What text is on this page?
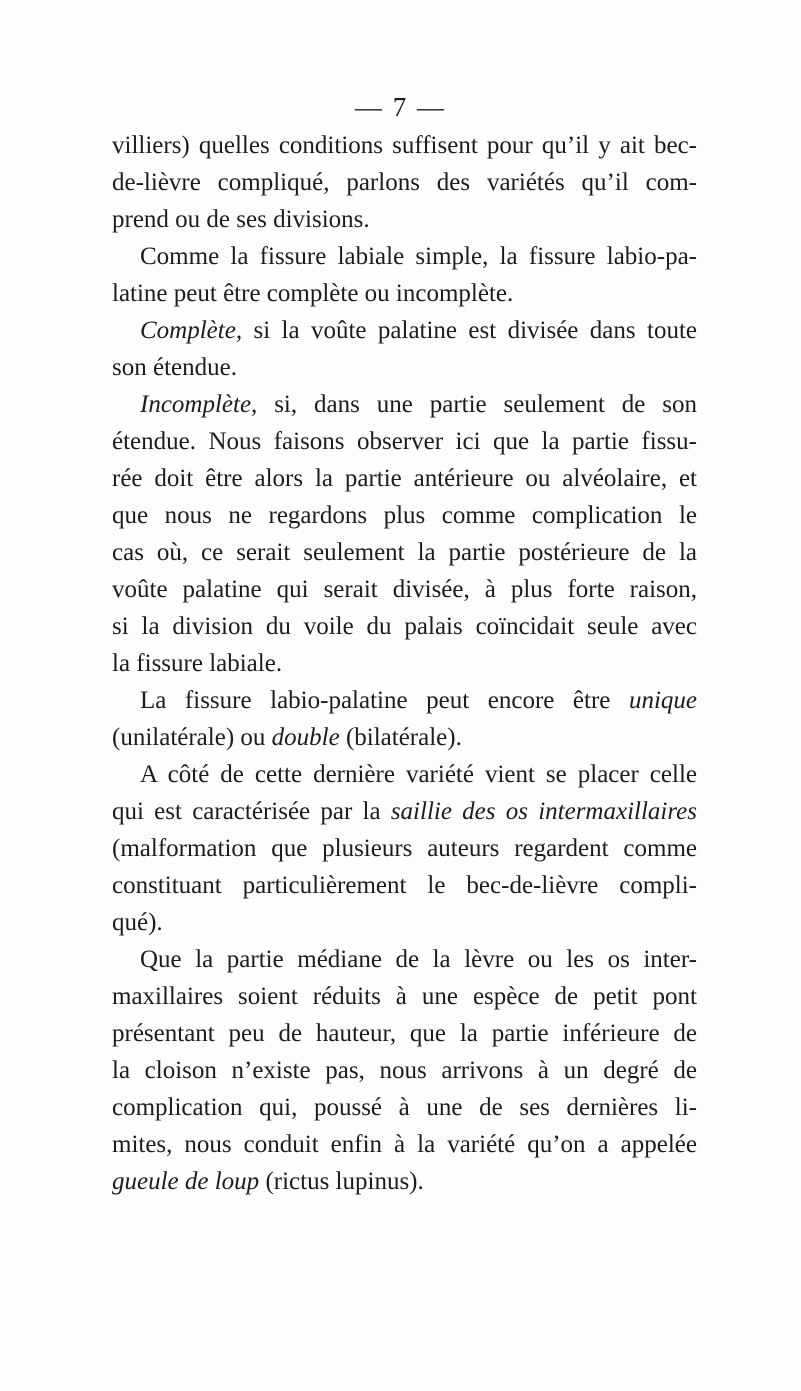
— 7 —
villiers) quelles conditions suffisent pour qu’il y ait bec-
de-lièvre compliqué, parlons des variétés qu’il com-
prend ou de ses divisions.
Comme la fissure labiale simple, la fissure labio-pa-
latine peut être complète ou incomplète.
Complète, si la voûte palatine est divisée dans toute
son étendue.
Incomplète, si, dans une partie seulement de son
étendue. Nous faisons observer ici que la partie fissu-
rée doit être alors la partie antérieure ou alvéolaire, et
que nous ne regardons plus comme complication le
cas où, ce serait seulement la partie postérieure de la
voûte palatine qui serait divisée, à plus forte raison,
si la division du voile du palais coïncidait seule avec
la fissure labiale.
La fissure labio-palatine peut encore être unique
(unilatérale) ou double (bilatérale).
A côté de cette dernière variété vient se placer celle
qui est caractérisée par la saillie des os intermaxillaires
(malformation que plusieurs auteurs regardent comme
constituant particulièrement le bec-de-lièvre compli-
qué).
Que la partie médiane de la lèvre ou les os inter-
maxillaires soient réduits à une espèce de petit pont
présentant peu de hauteur, que la partie inférieure de
la cloison n’existe pas, nous arrivons à un degré de
complication qui, poussé à une de ses dernières li-
mites, nous conduit enfin à la variété qu’on a appelée
gueule de loup (rictus lupinus).
